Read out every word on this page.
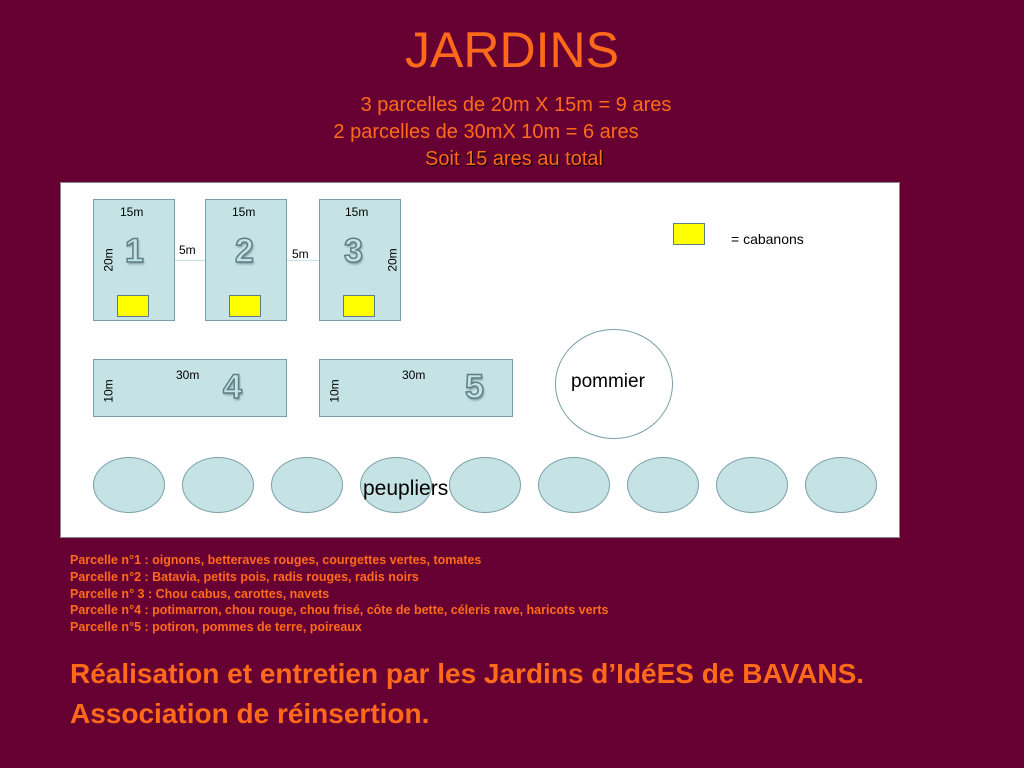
JARDINS
3 parcelles de 20m X 15m = 9 ares
2 parcelles de 30mX 10m = 6 ares
Soit 15 ares au total
15m
20m 1	5m
15m
2	5m
15m
20m
3	= cabanons
30m
10m	4	30m
10m	5	pommier
peupliers
Parcelle n°1 : oignons, betteraves rouges, courgettes vertes, tomates
Parcelle n°2 : Batavia, petits pois, radis rouges, radis noirs
Parcelle n° 3 : Chou cabus, carottes, navets
Parcelle n°4 : potimarron, chou rouge, chou frisé, côte de bette, céleris rave, haricots verts
Parcelle n°5 : potiron, pommes de terre, poireaux
Réalisation et entretien par les Jardins d’IdéES de BAVANS. Association de réinsertion.
